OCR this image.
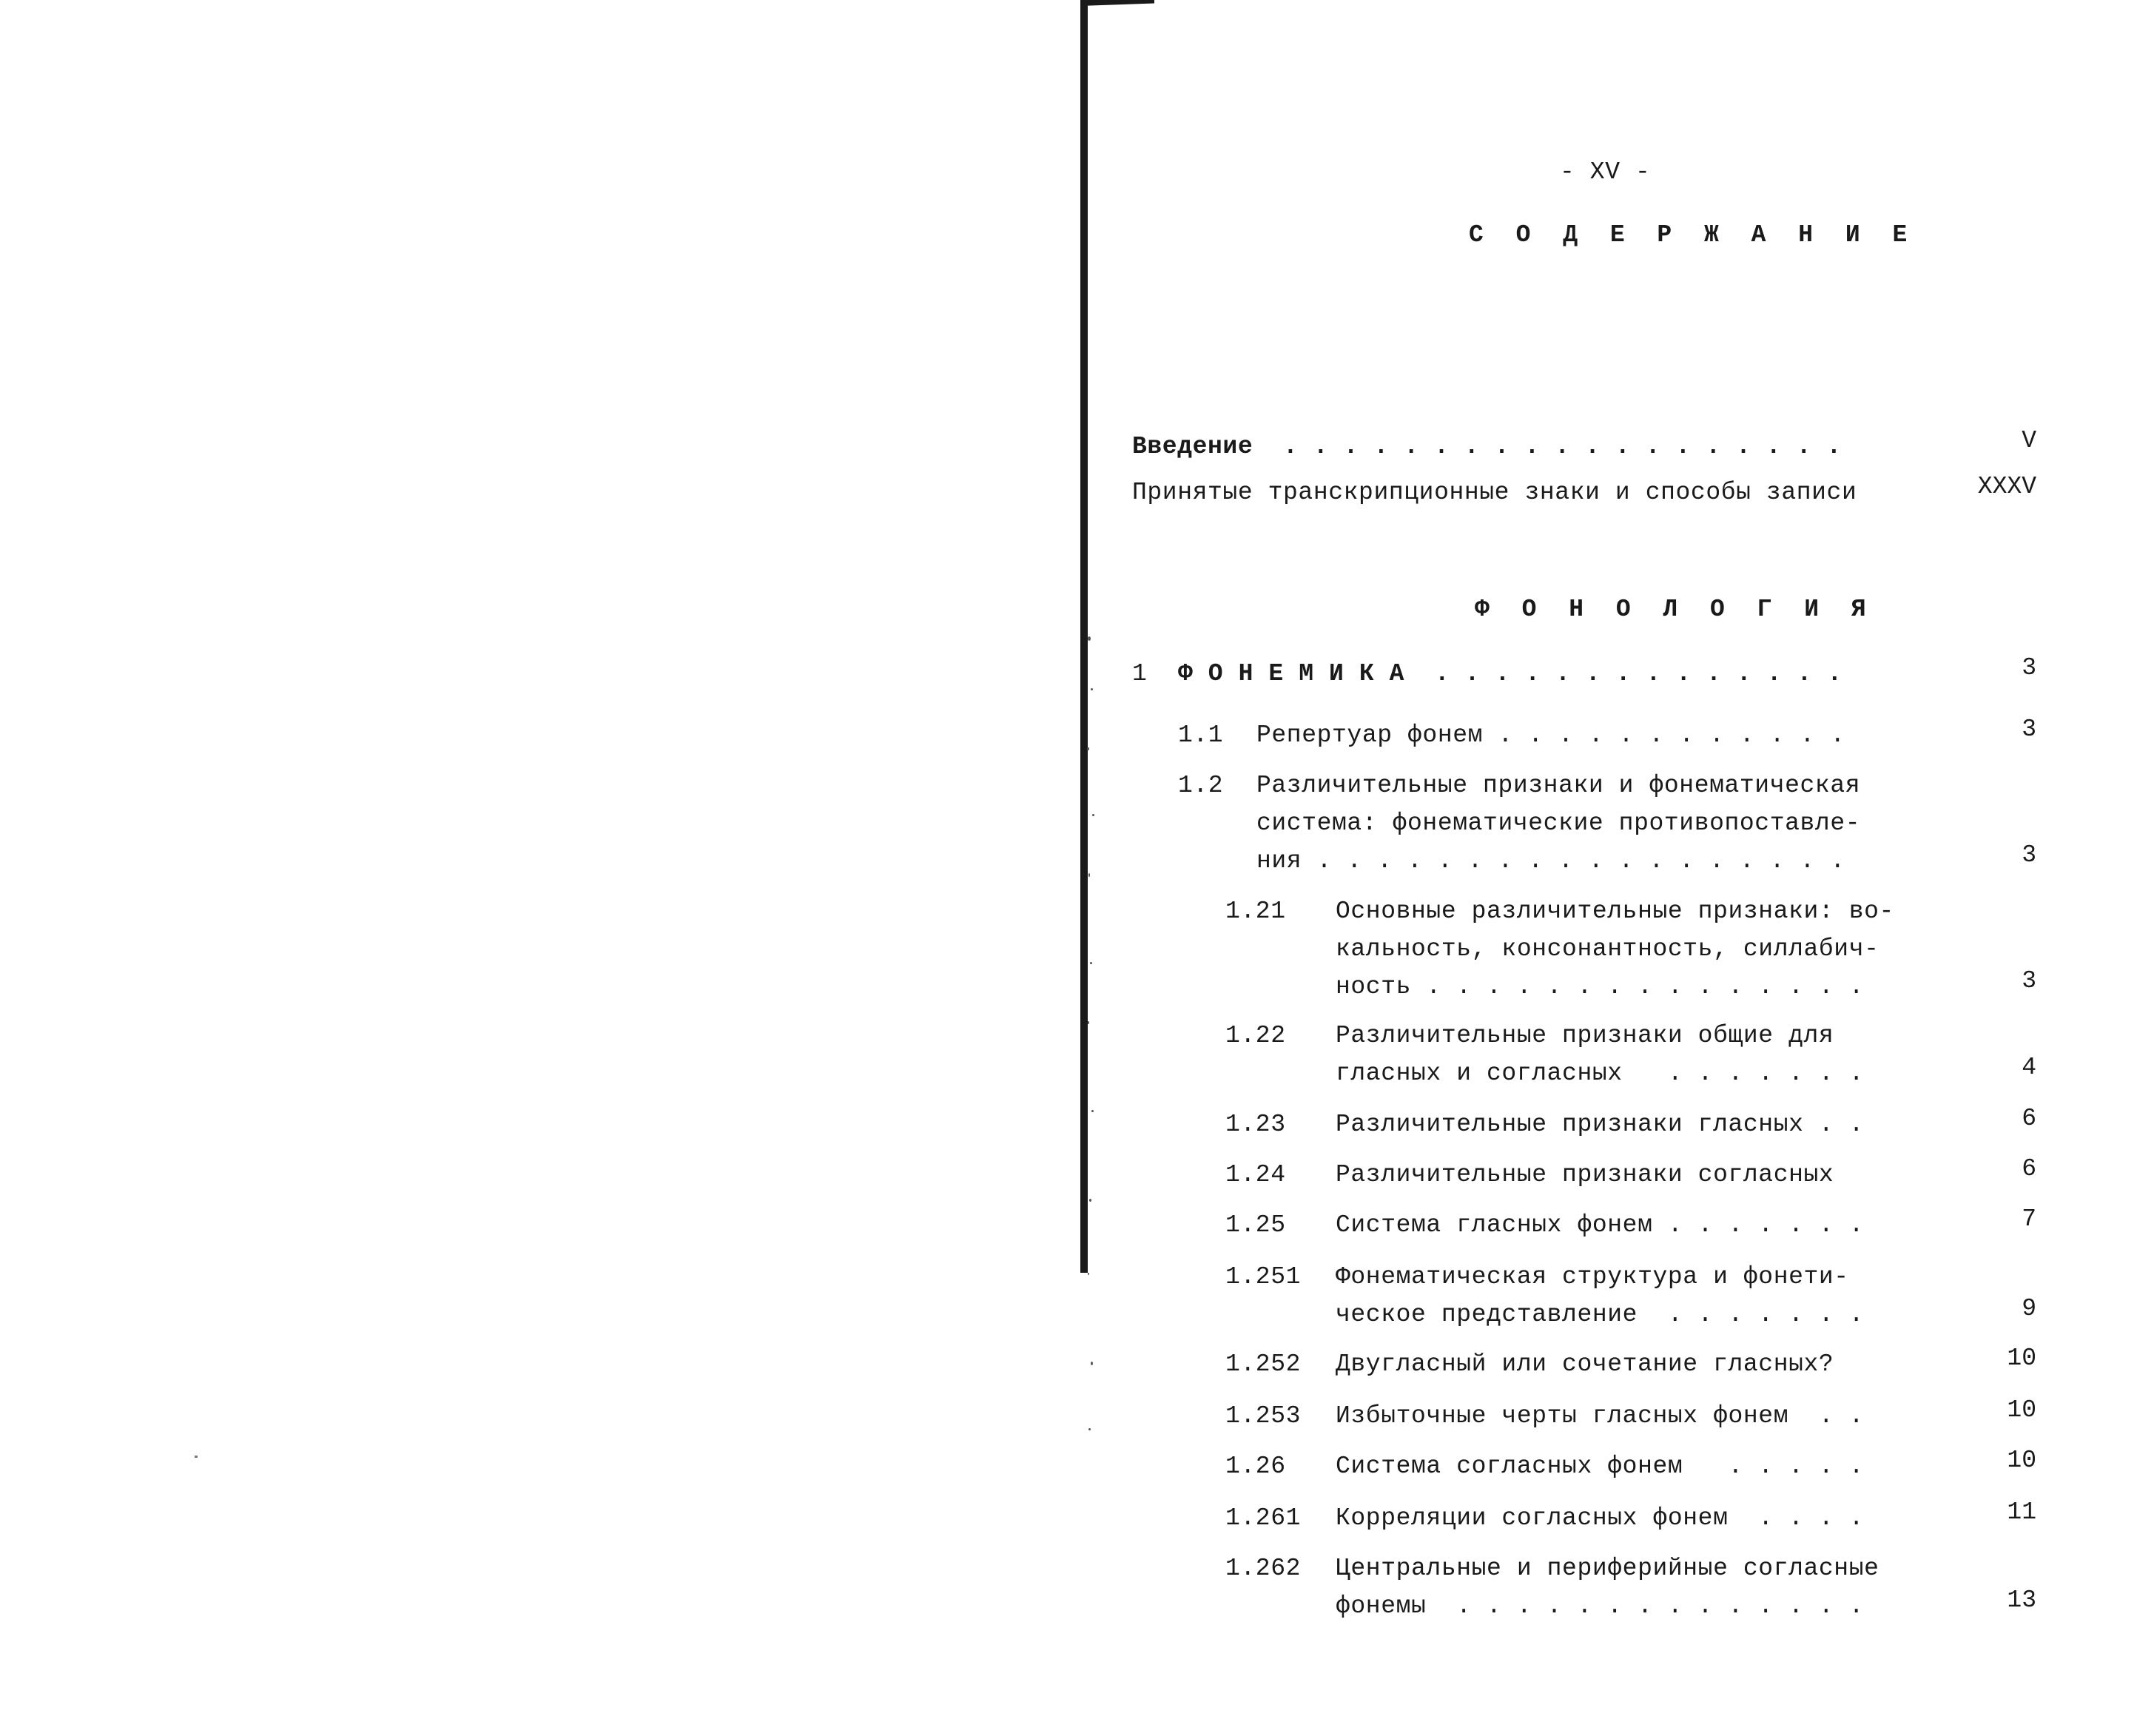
- XV -
С О Д Е Р Ж А Н И Е
Введение  . . . . . . . . . . . . . . . . . . .	V
Принятые транскрипционные знаки и способы записи	XXXV
Ф О Н О Л О Г И Я
1 Ф О Н Е М И К А  . . . . . . . . . . . . . .	3
1.1 Репертуар фонем . . . . . . . . . . . .	3
1.2 Различительные признаки и фонематическая
система: фонематические противопоставле-
ния . . . . . . . . . . . . . . . . . .	3
1.21 Основные различительные признаки: во-
кальность, консонантность, силлабич-
ность . . . . . . . . . . . . . . .	3
1.22 Различительные признаки общие для
гласных и согласных   . . . . . . .	4
1.23 Различительные признаки гласных . .	6
1.24 Различительные признаки согласных	6
1.25 Система гласных фонем . . . . . . .	7
1.251 Фонематическая структура и фонети-
ческое представление  . . . . . . .	9
1.252 Двугласный или сочетание гласных?	10
1.253 Избыточные черты гласных фонем  . .	10
1.26 Система согласных фонем   . . . . .	10
1.261 Корреляции согласных фонем  . . . .	11
1.262 Центральные и периферийные согласные
фонемы  . . . . . . . . . . . . . .	13
